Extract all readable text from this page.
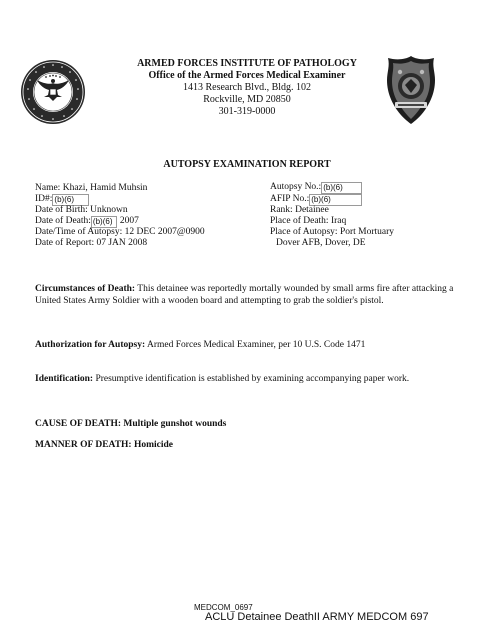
ARMED FORCES INSTITUTE OF PATHOLOGY
Office of the Armed Forces Medical Examiner
1413 Research Blvd., Bldg. 102
Rockville, MD 20850
301-319-0000
AUTOPSY EXAMINATION REPORT
Name: Khazi, Hamid Muhsin
ID#: (b)(6)
Date of Birth: Unknown
Date of Death: (b)(6) 2007
Date/Time of Autopsy: 12 DEC 2007@0900
Date of Report: 07 JAN 2008
Autopsy No.: (b)(6)
AFIP No.: (b)(6)
Rank: Detainee
Place of Death: Iraq
Place of Autopsy: Port Mortuary
Dover AFB, Dover, DE
Circumstances of Death: This detainee was reportedly mortally wounded by small arms fire after attacking a United States Army Soldier with a wooden board and attempting to grab the soldier's pistol.
Authorization for Autopsy: Armed Forces Medical Examiner, per 10 U.S. Code 1471
Identification: Presumptive identification is established by examining accompanying paper work.
CAUSE OF DEATH: Multiple gunshot wounds
MANNER OF DEATH: Homicide
MEDCOM_0697
ACLU Detainee DeathII ARMY MEDCOM 697
